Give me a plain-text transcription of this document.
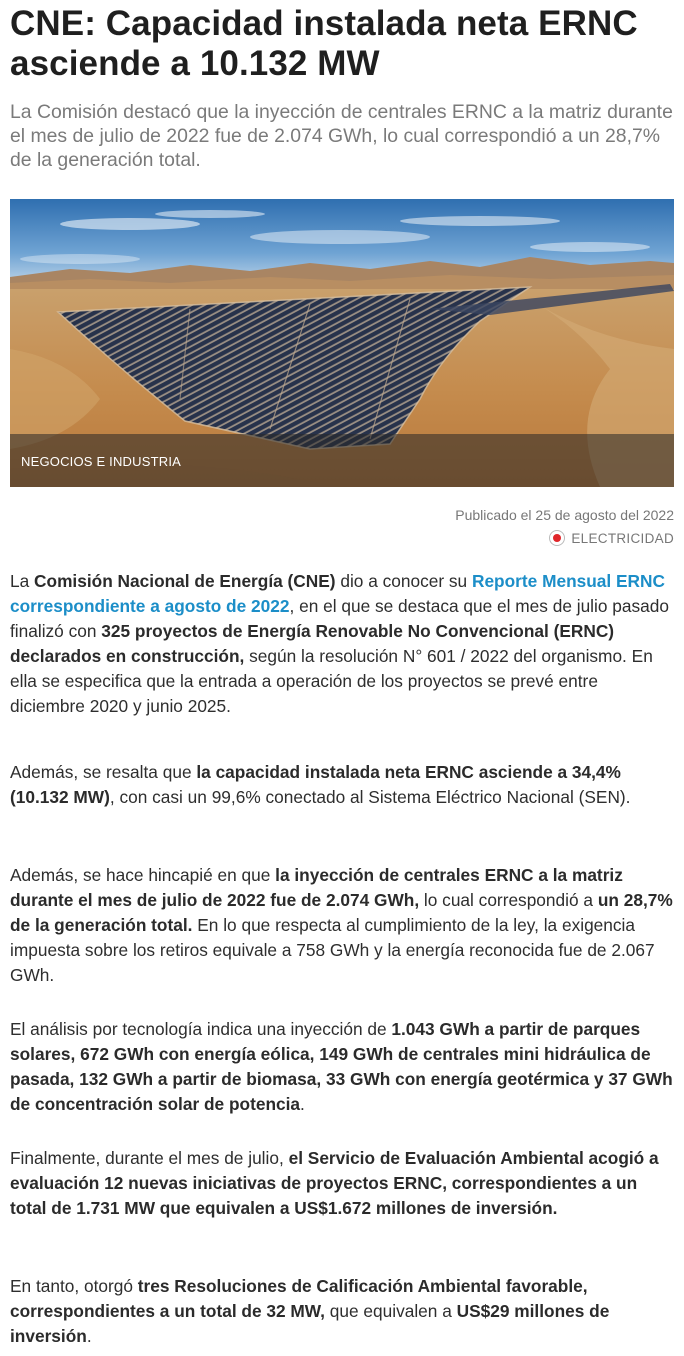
CNE: Capacidad instalada neta ERNC asciende a 10.132 MW

La Comisión destacó que la inyección de centrales ERNC a la matriz durante el mes de julio de 2022 fue de 2.074 GWh, lo cual correspondió a un 28,7% de la generación total.

NEGOCIOS E INDUSTRIA
Publicado el 25 de agosto del 2022
ELECTRICIDAD

La Comisión Nacional de Energía (CNE) dio a conocer su Reporte Mensual ERNC correspondiente a agosto de 2022, en el que se destaca que el mes de julio pasado finalizó con 325 proyectos de Energía Renovable No Convencional (ERNC) declarados en construcción, según la resolución N° 601 / 2022 del organismo. En ella se especifica que la entrada a operación de los proyectos se prevé entre diciembre 2020 y junio 2025.

Además, se resalta que la capacidad instalada neta ERNC asciende a 34,4% (10.132 MW), con casi un 99,6% conectado al Sistema Eléctrico Nacional (SEN).

Además, se hace hincapié en que la inyección de centrales ERNC a la matriz durante el mes de julio de 2022 fue de 2.074 GWh, lo cual correspondió a un 28,7% de la generación total. En lo que respecta al cumplimiento de la ley, la exigencia impuesta sobre los retiros equivale a 758 GWh y la energía reconocida fue de 2.067 GWh.

El análisis por tecnología indica una inyección de 1.043 GWh a partir de parques solares, 672 GWh con energía eólica, 149 GWh de centrales mini hidráulica de pasada, 132 GWh a partir de biomasa, 33 GWh con energía geotérmica y 37 GWh de concentración solar de potencia.

Finalmente, durante el mes de julio, el Servicio de Evaluación Ambiental acogió a evaluación 12 nuevas iniciativas de proyectos ERNC, correspondientes a un total de 1.731 MW que equivalen a US$1.672 millones de inversión.

En tanto, otorgó tres Resoluciones de Calificación Ambiental favorable, correspondientes a un total de 32 MW, que equivalen a US$29 millones de inversión.
